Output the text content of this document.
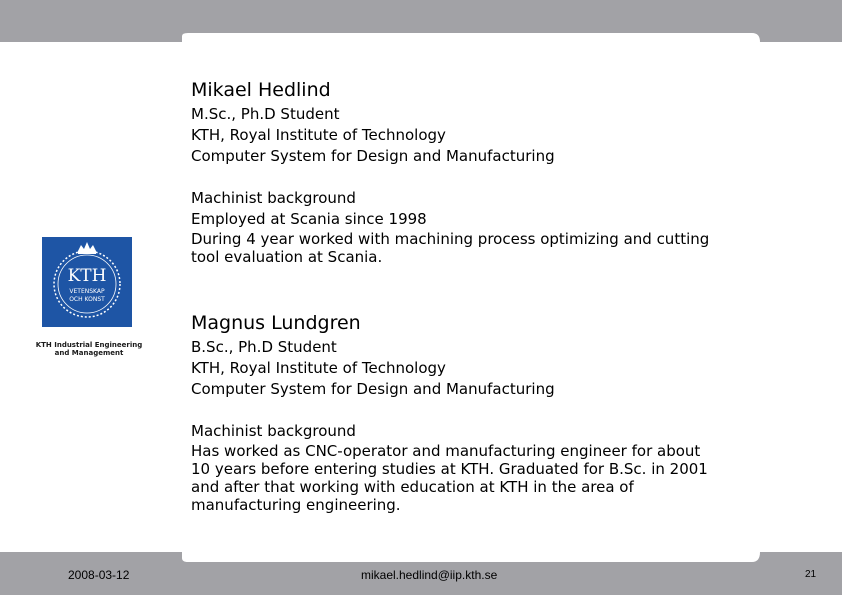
KTH
VETENSKAP
OCH KONST
KTH Industrial Engineering
and Management
Mikael Hedlind

M.Sc., Ph.D Student

KTH, Royal Institute of Technology

Computer System for Design and Manufacturing

Machinist background

Employed at Scania since 1998

During 4 year worked with machining process optimizing and cutting

tool evaluation at Scania.

Magnus Lundgren

B.Sc., Ph.D Student

KTH, Royal Institute of Technology

Computer System for Design and Manufacturing

Machinist background

Has worked as CNC-operator and manufacturing engineer for about

10 years before entering studies at KTH. Graduated for B.Sc. in 2001

and after that working with education at KTH in the area of

manufacturing engineering.

2008-03-12	mikael.hedlind@iip.kth.se	21
